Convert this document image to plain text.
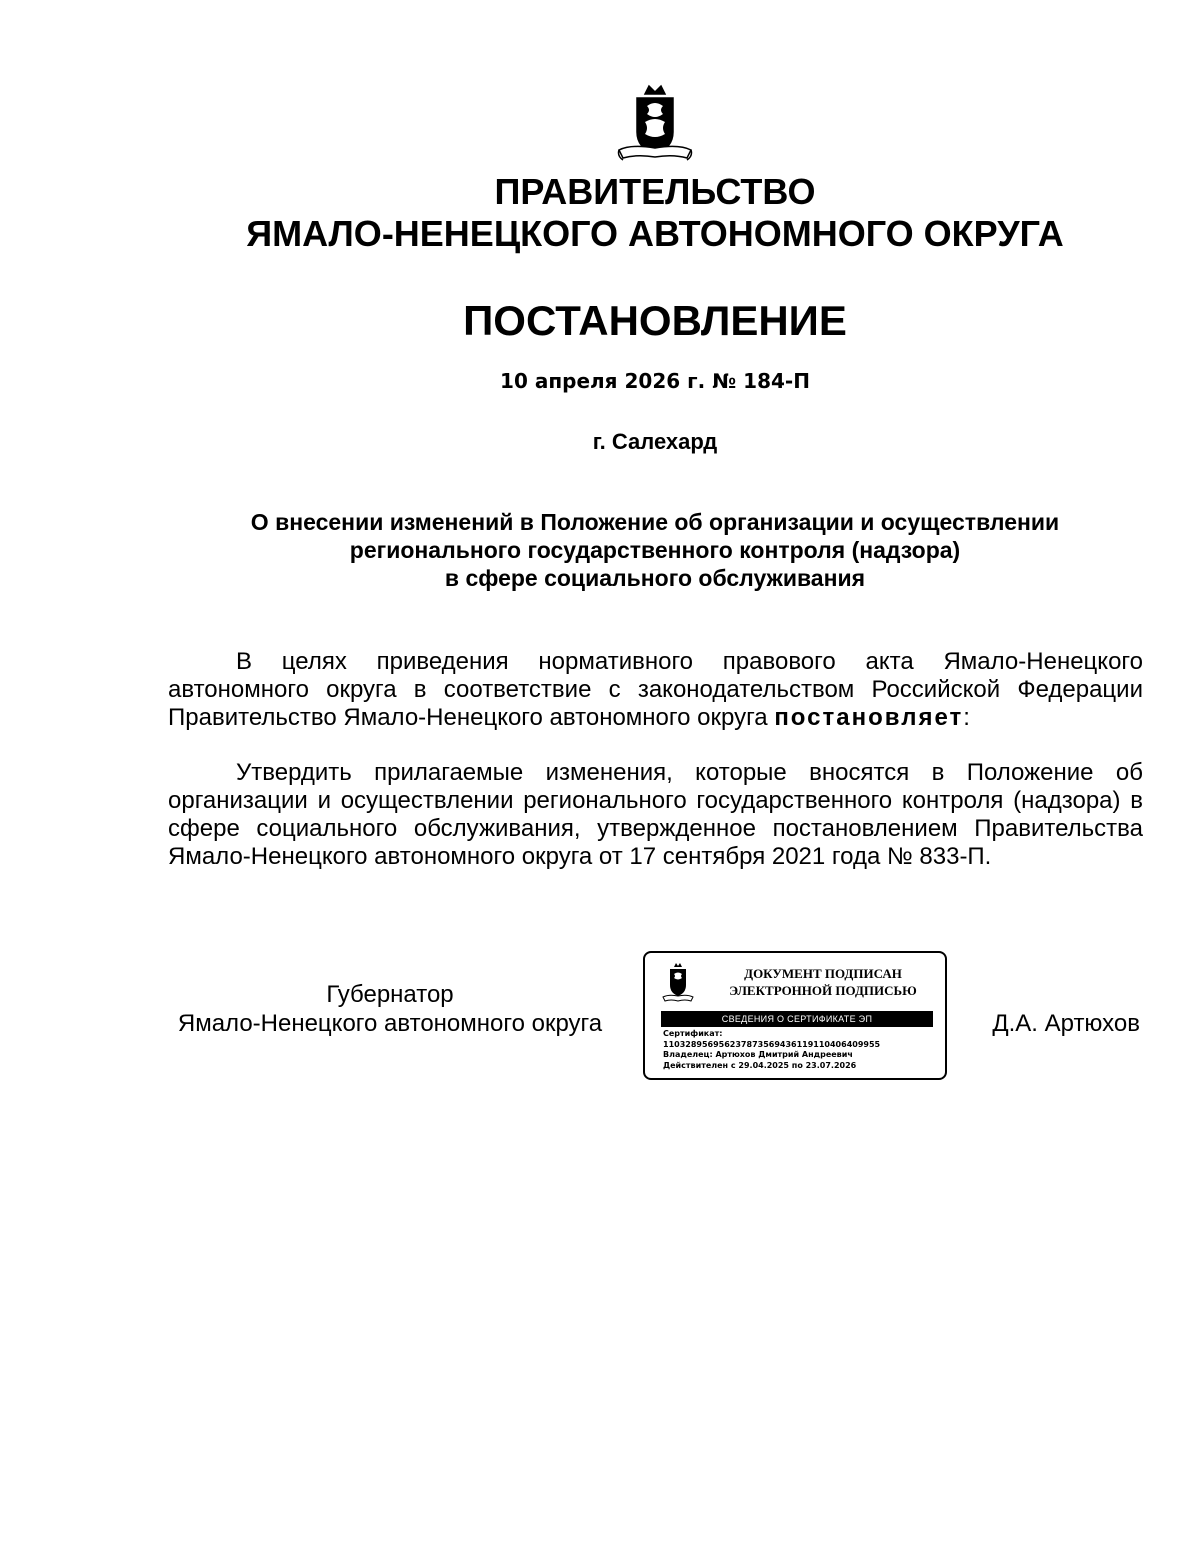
ПРАВИТЕЛЬСТВО
ЯМАЛО-НЕНЕЦКОГО АВТОНОМНОГО ОКРУГА
ПОСТАНОВЛЕНИЕ
10 апреля 2026 г. № 184-П
г. Салехард
О внесении изменений в Положение об организации и осуществлении
регионального государственного контроля (надзора)
в сфере социального обслуживания
В целях приведения нормативного правового акта Ямало-Ненецкого автономного округа в соответствие с законодательством Российской Федерации Правительство Ямало-Ненецкого автономного округа постановляет:
Утвердить прилагаемые изменения, которые вносятся в Положение об организации и осуществлении регионального государственного контроля (надзора) в сфере социального обслуживания, утвержденное постановлением Правительства Ямало-Ненецкого автономного округа от 17 сентября 2021 года № 833-П.
Губернатор
Ямало-Ненецкого автономного округа
ДОКУМЕНТ ПОДПИСАН
ЭЛЕКТРОННОЙ ПОДПИСЬЮ
СВЕДЕНИЯ О СЕРТИФИКАТЕ ЭП
Сертификат:
110328956956237873569436119110406409955
Владелец: Артюхов Дмитрий Андреевич
Действителен с 29.04.2025 по 23.07.2026
Д.А. Артюхов
